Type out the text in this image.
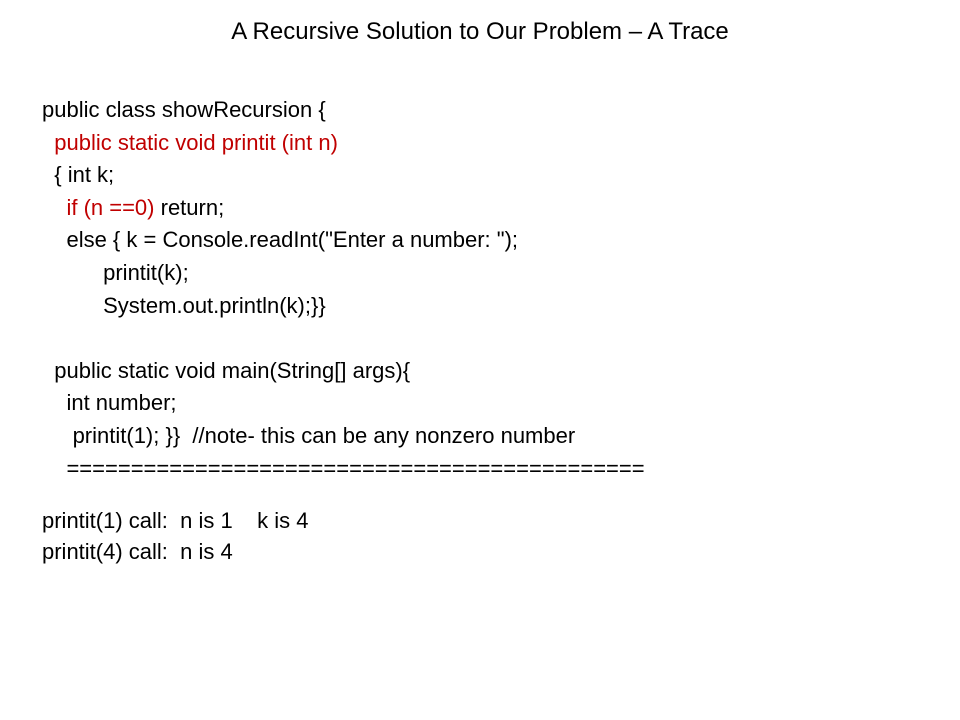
A Recursive Solution to Our Problem – A Trace
public class showRecursion {
public static void printit (int n)
{ int k;
if (n ==0) return;
else { k = Console.readInt("Enter a number: ");
printit(k);
System.out.println(k);}}
public static void main(String[] args){
int number;
printit(1); }}  //note- this can be any nonzero number
=============================================
printit(1) call:  n is 1    k is 4
printit(4) call:  n is 4
